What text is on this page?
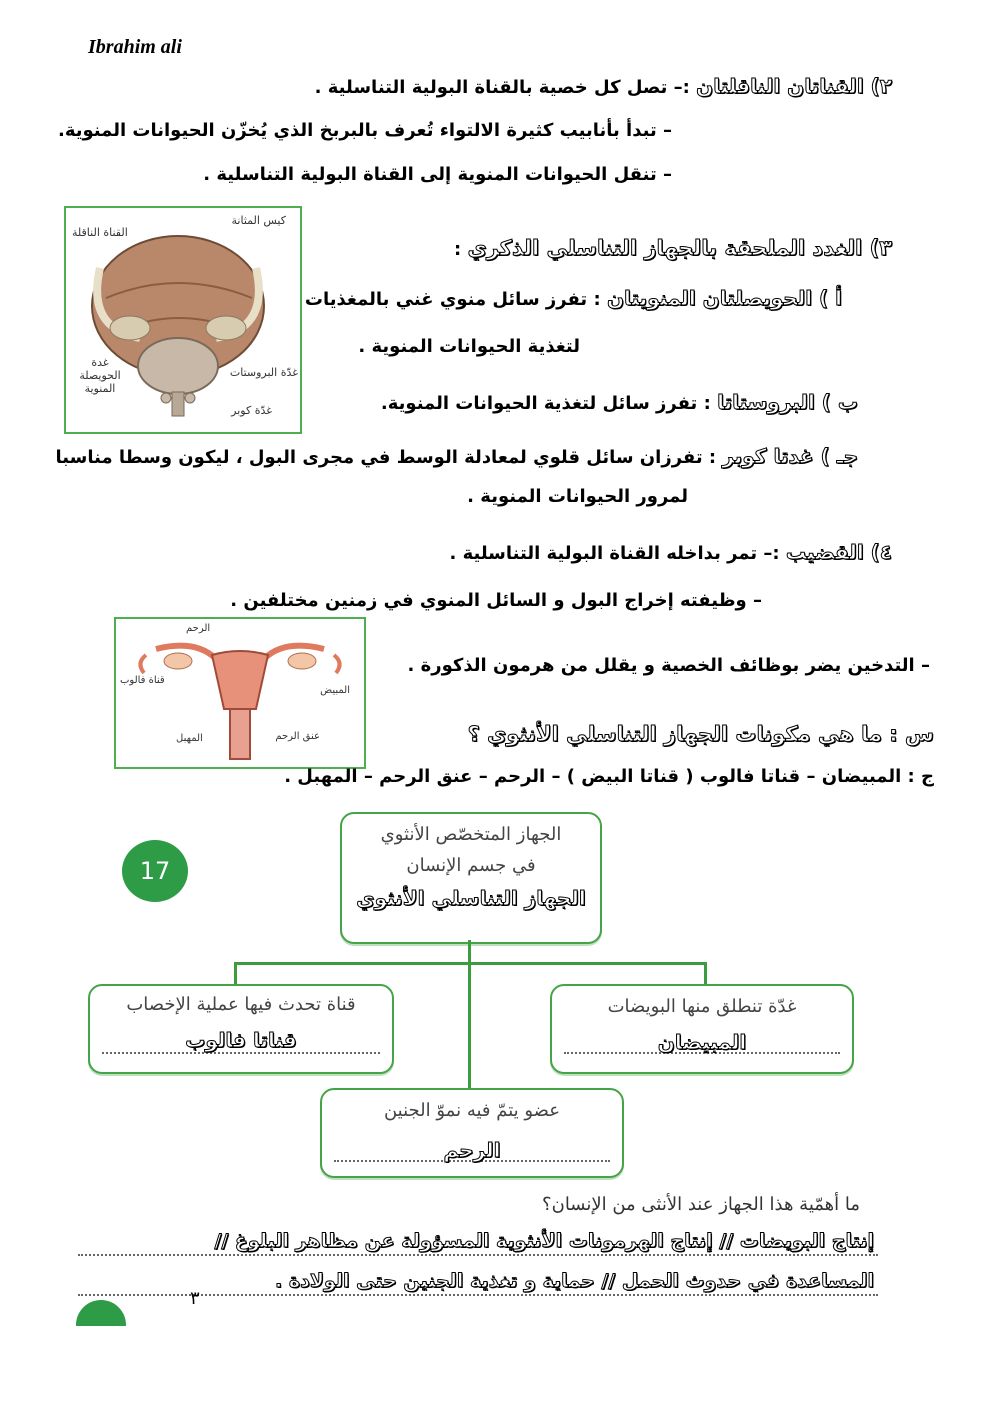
Ibrahim ali
٢) القناتان الناقلتان :– تصل كل خصية بالقناة البولية التناسلية .
– تبدأ بأنابيب كثيرة الالتواء تُعرف بالبربخ الذي يُخزّن الحيوانات المنوية.
– تنقل الحيوانات المنوية إلى القناة البولية التناسلية .
كيس المثانة
القناة الناقلة
غدة الحويصلة المنوية
غدّة البروستات
غدّة كوبر
٣) الغدد الملحقة بالجهاز التناسلي الذكري :
أ ) الحويصلتان المنويتان : تفرز سائل منوي غني بالمغذيات
لتغذية الحيوانات المنوية .
ب ) البروستاتا : تفرز سائل لتغذية الحيوانات المنوية.
جـ ) غدتا كوبر : تفرزان سائل قلوي لمعادلة الوسط في مجرى البول ، ليكون وسطا مناسبا
لمرور الحيوانات المنوية .
٤) القضيب :– تمر بداخله القناة البولية التناسلية .
– وظيفته إخراج البول و السائل المنوي في زمنين مختلفين .
– التدخين يضر بوظائف الخصية و يقلل من هرمون الذكورة .
الرحم
قناة فالوب
المبيض
عنق الرحم
المهبل	س : ما هي مكونات الجهاز التناسلي الأنثوي ؟
ج : المبيضان – قناتا فالوب ( قناتا البيض ) – الرحم – عنق الرحم – المهبل .
17
الجهاز المتخصّص الأنثوي
في جسم الإنسان
الجهاز التناسلي الأنثوي
قناة تحدث فيها عملية الإخصاب
قناتا فالوب
غدّة تنطلق منها البويضات
المبيضان
عضو يتمّ فيه نموّ الجنين
الرحم
ما أهمّية هذا الجهاز عند الأنثى من الإنسان؟
إنتاج البويضات // إنتاج الهرمونات الأنثوية المسؤولة عن مظاهر البلوغ //
المساعدة في حدوث الحمل // حماية و تغذية الجنين حتى الولادة .
٣
